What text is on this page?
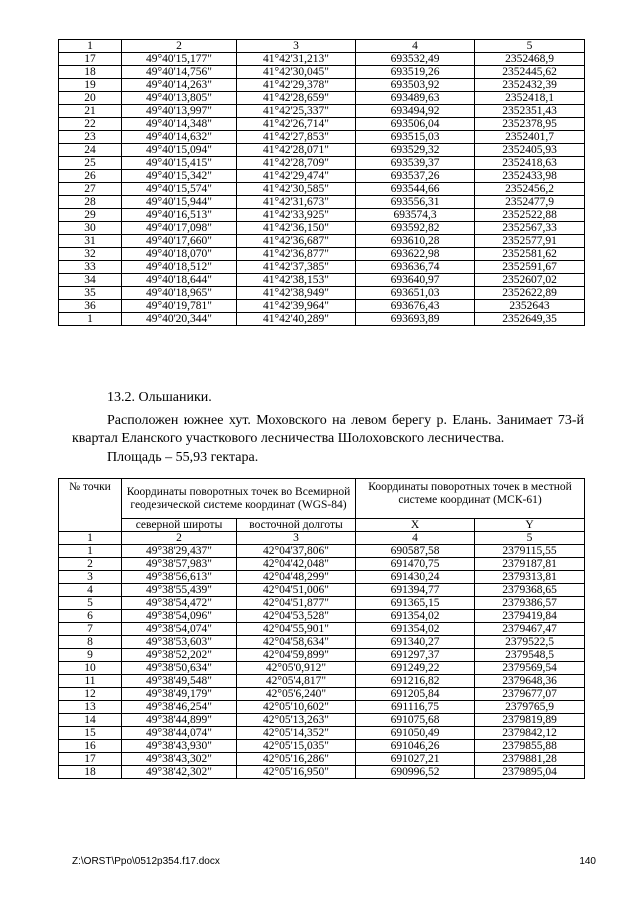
1	2	3	4	5
17	49°40'15,177"	41°42'31,213"	693532,49	2352468,9
18	49°40'14,756"	41°42'30,045"	693519,26	2352445,62
19	49°40'14,263"	41°42'29,378"	693503,92	2352432,39
20	49°40'13,805"	41°42'28,659"	693489,63	2352418,1
21	49°40'13,997"	41°42'25,337"	693494,92	2352351,43
22	49°40'14,348"	41°42'26,714"	693506,04	2352378,95
23	49°40'14,632"	41°42'27,853"	693515,03	2352401,7
24	49°40'15,094"	41°42'28,071"	693529,32	2352405,93
25	49°40'15,415"	41°42'28,709"	693539,37	2352418,63
26	49°40'15,342"	41°42'29,474"	693537,26	2352433,98
27	49°40'15,574"	41°42'30,585"	693544,66	2352456,2
28	49°40'15,944"	41°42'31,673"	693556,31	2352477,9
29	49°40'16,513"	41°42'33,925"	693574,3	2352522,88
30	49°40'17,098"	41°42'36,150"	693592,82	2352567,33
31	49°40'17,660"	41°42'36,687"	693610,28	2352577,91
32	49°40'18,070"	41°42'36,877"	693622,98	2352581,62
33	49°40'18,512"	41°42'37,385"	693636,74	2352591,67
34	49°40'18,644"	41°42'38,153"	693640,97	2352607,02
35	49°40'18,965"	41°42'38,949"	693651,03	2352622,89
36	49°40'19,781"	41°42'39,964"	693676,43	2352643
1	49°40'20,344"	41°42'40,289"	693693,89	2352649,35

13.2. Ольшаники.

Расположен южнее хут. Моховского на левом берегу р. Елань. Занимает 73-й квартал Еланского участкового лесничества Шолоховского лесничества.

Площадь – 55,93 гектара.

№ точки	Координаты поворотных точек во Всемирной геодезической системе координат (WGS-84)		Координаты поворотных точек в местной системе координат (МСК-61)	
	северной широты	восточной долготы	X	Y
1	2	3	4	5
1	49°38'29,437"	42°04'37,806"	690587,58	2379115,55
2	49°38'57,983"	42°04'42,048"	691470,75	2379187,81
3	49°38'56,613"	42°04'48,299"	691430,24	2379313,81
4	49°38'55,439"	42°04'51,006"	691394,77	2379368,65
5	49°38'54,472"	42°04'51,877"	691365,15	2379386,57
6	49°38'54,096"	42°04'53,528"	691354,02	2379419,84
7	49°38'54,074"	42°04'55,901"	691354,02	2379467,47
8	49°38'53,603"	42°04'58,634"	691340,27	2379522,5
9	49°38'52,202"	42°04'59,899"	691297,37	2379548,5
10	49°38'50,634"	42°05'0,912"	691249,22	2379569,54
11	49°38'49,548"	42°05'4,817"	691216,82	2379648,36
12	49°38'49,179"	42°05'6,240"	691205,84	2379677,07
13	49°38'46,254"	42°05'10,602"	691116,75	2379765,9
14	49°38'44,899"	42°05'13,263"	691075,68	2379819,89
15	49°38'44,074"	42°05'14,352"	691050,49	2379842,12
16	49°38'43,930"	42°05'15,035"	691046,26	2379855,88
17	49°38'43,302"	42°05'16,286"	691027,21	2379881,28
18	49°38'42,302"	42°05'16,950"	690996,52	2379895,04
Z:\ORST\Ppo\0512p354.f17.docx	140
